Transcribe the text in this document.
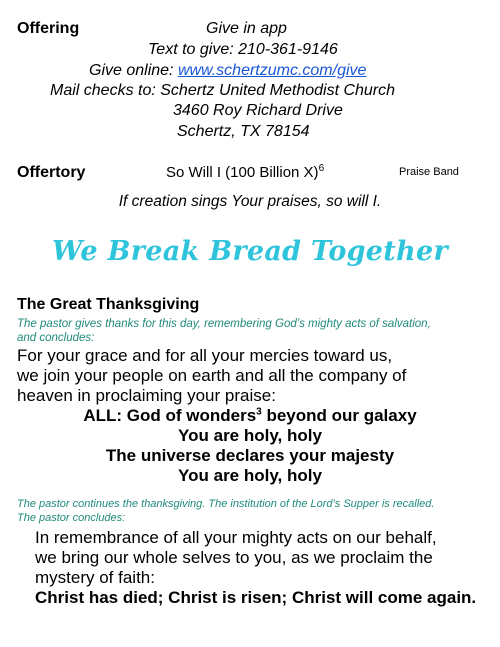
Offering	Give in app
Text to give: 210-361-9146
Give online: www.schertzumc.com/give
Mail checks to: Schertz United Methodist Church
3460 Roy Richard Drive
Schertz, TX 78154
Offertory	So Will I (100 Billion X)$^6$	Praise Band
If creation sings Your praises, so will I.
We Break Bread Together
The Great Thanksgiving
The pastor gives thanks for this day, remembering God’s mighty acts of salvation,
and concludes:
For your grace and for all your mercies toward us,
we join your people on earth and all the company of
heaven in proclaiming your praise:
ALL: God of wonders$^3$ beyond our galaxy
You are holy, holy
The universe declares your majesty
You are holy, holy
The pastor continues the thanksgiving. The institution of the Lord’s Supper is recalled.
The pastor concludes:
In remembrance of all your mighty acts on our behalf,
we bring our whole selves to you, as we proclaim the
mystery of faith:
Christ has died; Christ is risen; Christ will come again.
